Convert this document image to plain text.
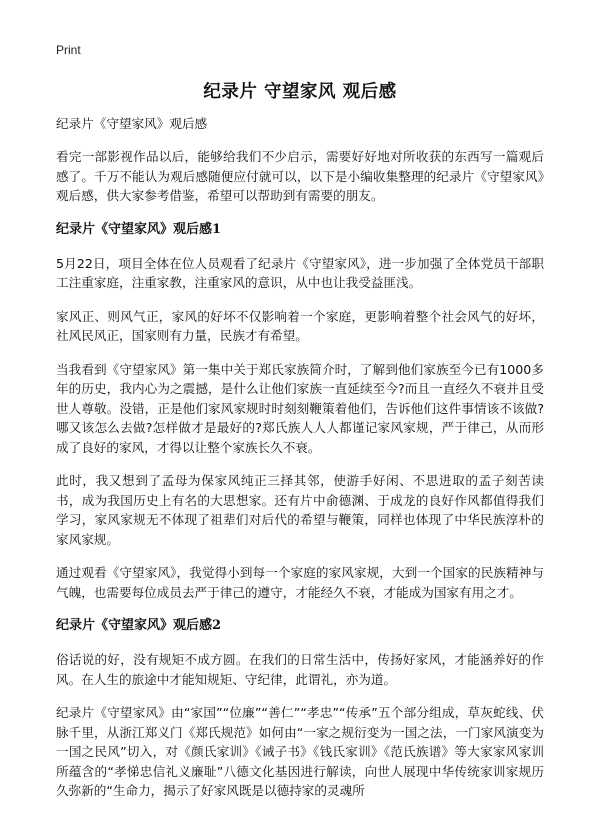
Print
纪录片 守望家风 观后感
纪录片《守望家风》观后感

看完一部影视作品以后，能够给我们不少启示，需要好好地对所收获的东西写一篇观后感了。千万不能认为观后感随便应付就可以，以下是小编收集整理的纪录片《守望家风》观后感，供大家参考借鉴，希望可以帮助到有需要的朋友。

纪录片《守望家风》观后感1

5月22日，项目全体在位人员观看了纪录片《守望家风》，进一步加强了全体党员干部职工注重家庭，注重家教，注重家风的意识，从中也让我受益匪浅。

家风正、则风气正，家风的好坏不仅影响着一个家庭，更影响着整个社会风气的好坏，社风民风正，国家则有力量，民族才有希望。

当我看到《守望家风》第一集中关于郑氏家族简介时，了解到他们家族至今已有1000多年的历史，我内心为之震撼，是什么让他们家族一直延续至今?而且一直经久不衰并且受世人尊敬。没错，正是他们家风家规时时刻刻鞭策着他们，告诉他们这件事情该不该做?哪又该怎么去做?怎样做才是最好的?郑氏族人人人都谨记家风家规，严于律己，从而形成了良好的家风，才得以让整个家族长久不衰。

此时，我又想到了孟母为保家风纯正三择其邻，使游手好闲、不思进取的孟子刻苦读书，成为我国历史上有名的大思想家。还有片中俞德渊、于成龙的良好作风都值得我们学习，家风家规无不体现了祖辈们对后代的希望与鞭策，同样也体现了中华民族淳朴的家风家规。

通过观看《守望家风》，我觉得小到每一个家庭的家风家规，大到一个国家的民族精神与气魄，也需要每位成员去严于律己的遵守，才能经久不衰，才能成为国家有用之才。

纪录片《守望家风》观后感2

俗话说的好，没有规矩不成方圆。在我们的日常生活中，传扬好家风，才能涵养好的作风。在人生的旅途中才能知规矩、守纪律，此谓礼，亦为道。

纪录片《守望家风》由“家国”“位廉”“善仁”“孝忠”“传承”五个部分组成，草灰蛇线、伏脉千里，从浙江郑义门《郑氏规范》如何由“一家之规衍变为一国之法，一门家风演变为一国之民风”切入，对《颜氏家训》《诫子书》《钱氏家训》《范氏族谱》等大家家风家训所蕴含的“孝悌忠信礼义廉耻”八德文化基因进行解读，向世人展现中华传统家训家规历久弥新的“生命力，揭示了好家风既是以德持家的灵魂所
